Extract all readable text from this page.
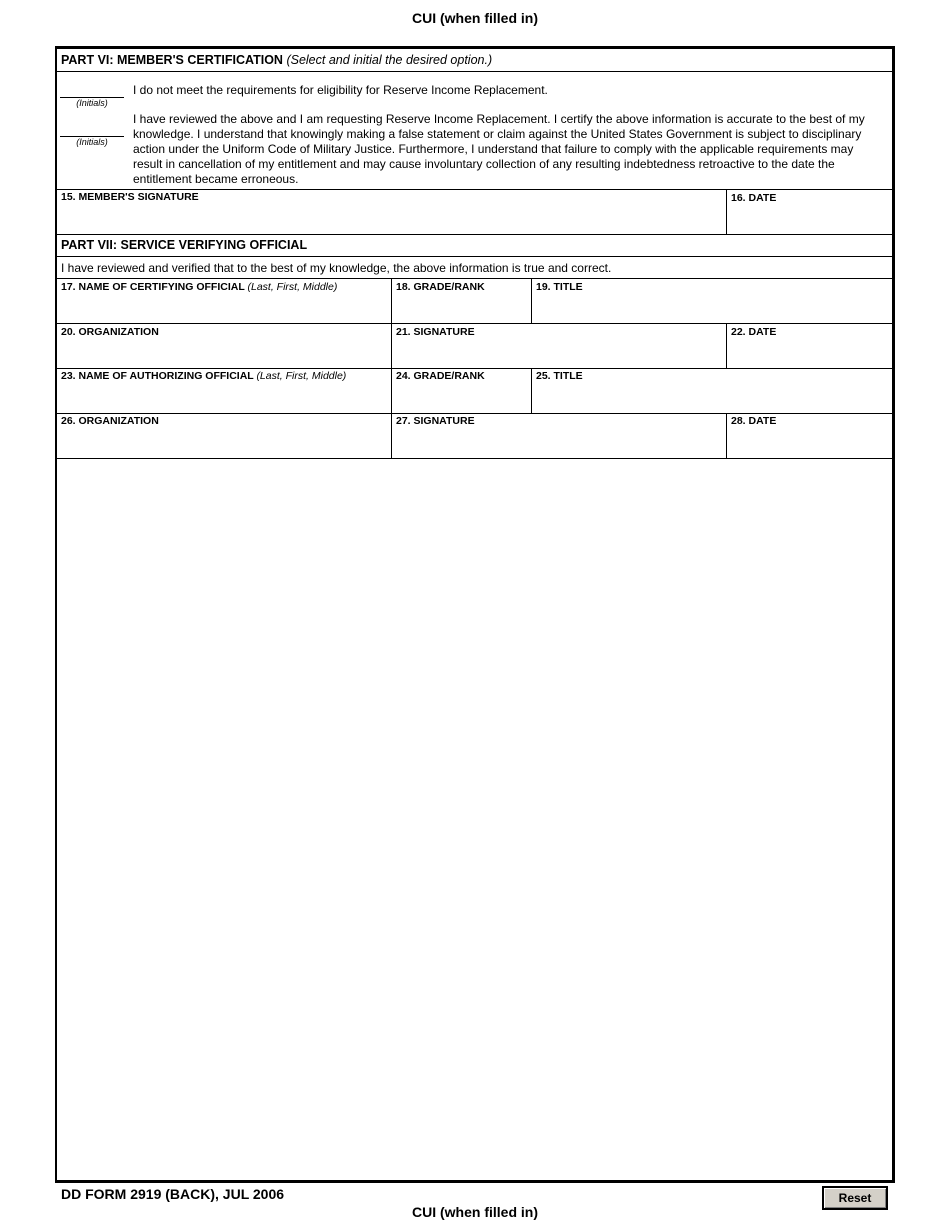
CUI (when filled in)
PART VI: MEMBER'S CERTIFICATION (Select and initial the desired option.)
(Initials)
I do not meet the requirements for eligibility for Reserve Income Replacement.
(Initials)
I have reviewed the above and I am requesting Reserve Income Replacement. I certify the above information is accurate to the best of my knowledge. I understand that knowingly making a false statement or claim against the United States Government is subject to disciplinary action under the Uniform Code of Military Justice. Furthermore, I understand that failure to comply with the applicable requirements may result in cancellation of my entitlement and may cause involuntary collection of any resulting indebtedness retroactive to the date the entitlement became erroneous.
15. MEMBER'S SIGNATURE	16. DATE
PART VII: SERVICE VERIFYING OFFICIAL
I have reviewed and verified that to the best of my knowledge, the above information is true and correct.
17. NAME OF CERTIFYING OFFICIAL (Last, First, Middle)	18. GRADE/RANK	19. TITLE
20. ORGANIZATION	21. SIGNATURE	22. DATE
23. NAME OF AUTHORIZING OFFICIAL (Last, First, Middle)	24. GRADE/RANK	25. TITLE
26. ORGANIZATION	27. SIGNATURE	28. DATE
DD FORM 2919 (BACK), JUL 2006	Reset
CUI (when filled in)
